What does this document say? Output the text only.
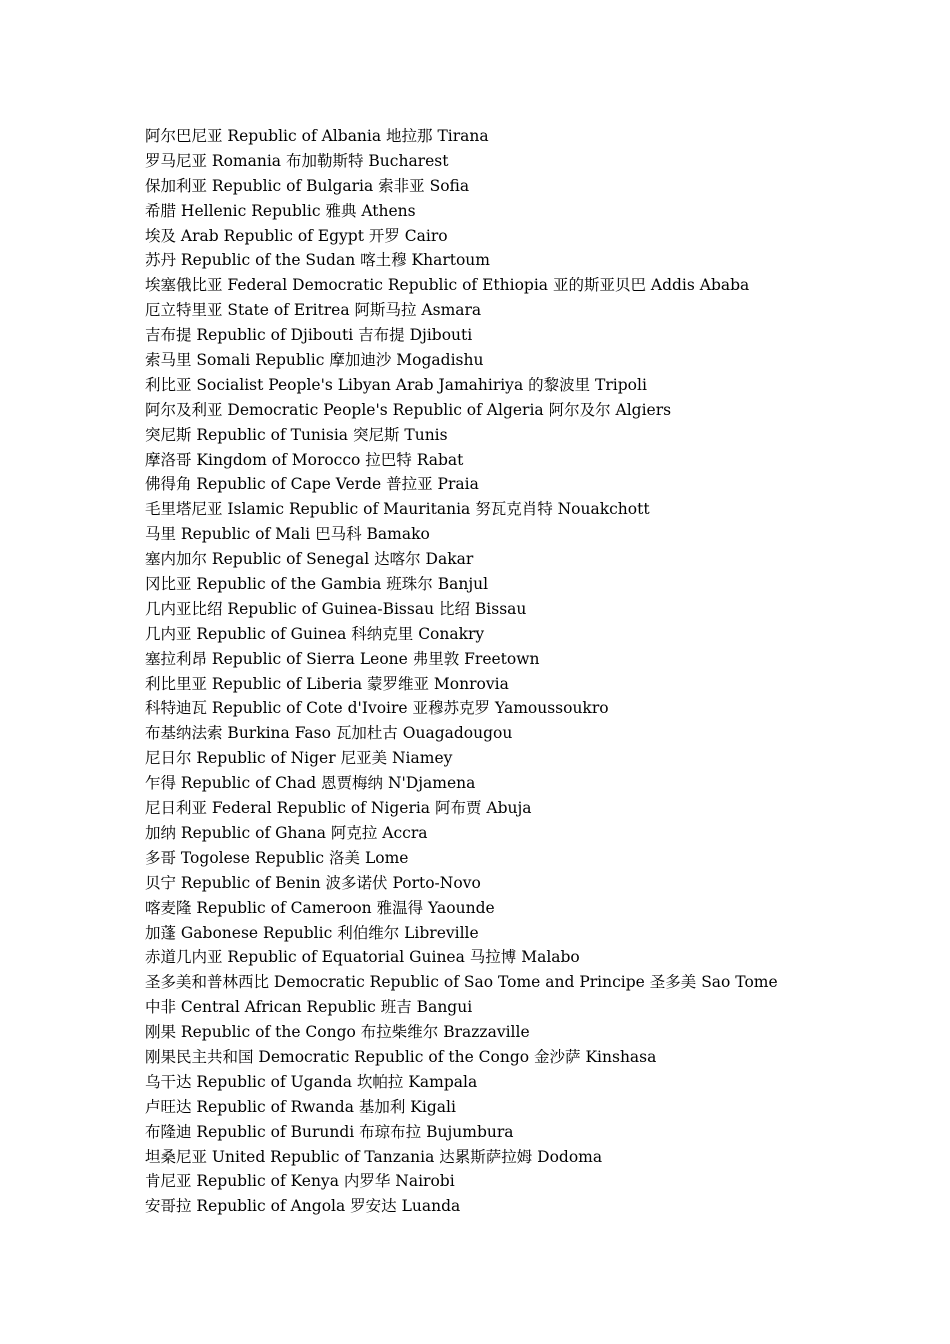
阿尔巴尼亚 Republic of Albania 地拉那 Tirana
罗马尼亚 Romania 布加勒斯特 Bucharest
保加利亚 Republic of Bulgaria 索非亚 Sofia
希腊 Hellenic Republic 雅典 Athens
埃及 Arab Republic of Egypt 开罗 Cairo
苏丹 Republic of the Sudan 喀土穆 Khartoum
埃塞俄比亚 Federal Democratic Republic of Ethiopia 亚的斯亚贝巴 Addis Ababa
厄立特里亚 State of Eritrea 阿斯马拉 Asmara
吉布提 Republic of Djibouti 吉布提 Djibouti
索马里 Somali Republic 摩加迪沙 Mogadishu
利比亚 Socialist People's Libyan Arab Jamahiriya 的黎波里 Tripoli
阿尔及利亚 Democratic People's Republic of Algeria 阿尔及尔 Algiers
突尼斯 Republic of Tunisia 突尼斯 Tunis
摩洛哥 Kingdom of Morocco 拉巴特 Rabat
佛得角 Republic of Cape Verde 普拉亚 Praia
毛里塔尼亚 Islamic Republic of Mauritania 努瓦克肖特 Nouakchott
马里 Republic of Mali 巴马科 Bamako
塞内加尔 Republic of Senegal 达喀尔 Dakar
冈比亚 Republic of the Gambia 班珠尔 Banjul
几内亚比绍 Republic of Guinea-Bissau 比绍 Bissau
几内亚 Republic of Guinea 科纳克里 Conakry
塞拉利昂 Republic of Sierra Leone 弗里敦 Freetown
利比里亚 Republic of Liberia 蒙罗维亚 Monrovia
科特迪瓦 Republic of Cote d'Ivoire 亚穆苏克罗 Yamoussoukro
布基纳法索 Burkina Faso 瓦加杜古 Ouagadougou
尼日尔 Republic of Niger 尼亚美 Niamey
乍得 Republic of Chad 恩贾梅纳 N'Djamena
尼日利亚 Federal Republic of Nigeria 阿布贾 Abuja
加纳 Republic of Ghana 阿克拉 Accra
多哥 Togolese Republic 洛美 Lome
贝宁 Republic of Benin 波多诺伏 Porto-Novo
喀麦隆 Republic of Cameroon 雅温得 Yaounde
加蓬 Gabonese Republic 利伯维尔 Libreville
赤道几内亚 Republic of Equatorial Guinea 马拉博 Malabo
圣多美和普林西比 Democratic Republic of Sao Tome and Principe 圣多美 Sao Tome
中非 Central African Republic 班吉 Bangui
刚果 Republic of the Congo 布拉柴维尔 Brazzaville
刚果民主共和国 Democratic Republic of the Congo 金沙萨 Kinshasa
乌干达 Republic of Uganda 坎帕拉 Kampala
卢旺达 Republic of Rwanda 基加利 Kigali
布隆迪 Republic of Burundi 布琼布拉 Bujumbura
坦桑尼亚 United Republic of Tanzania 达累斯萨拉姆 Dodoma
肯尼亚 Republic of Kenya 内罗华 Nairobi
安哥拉 Republic of Angola 罗安达 Luanda
